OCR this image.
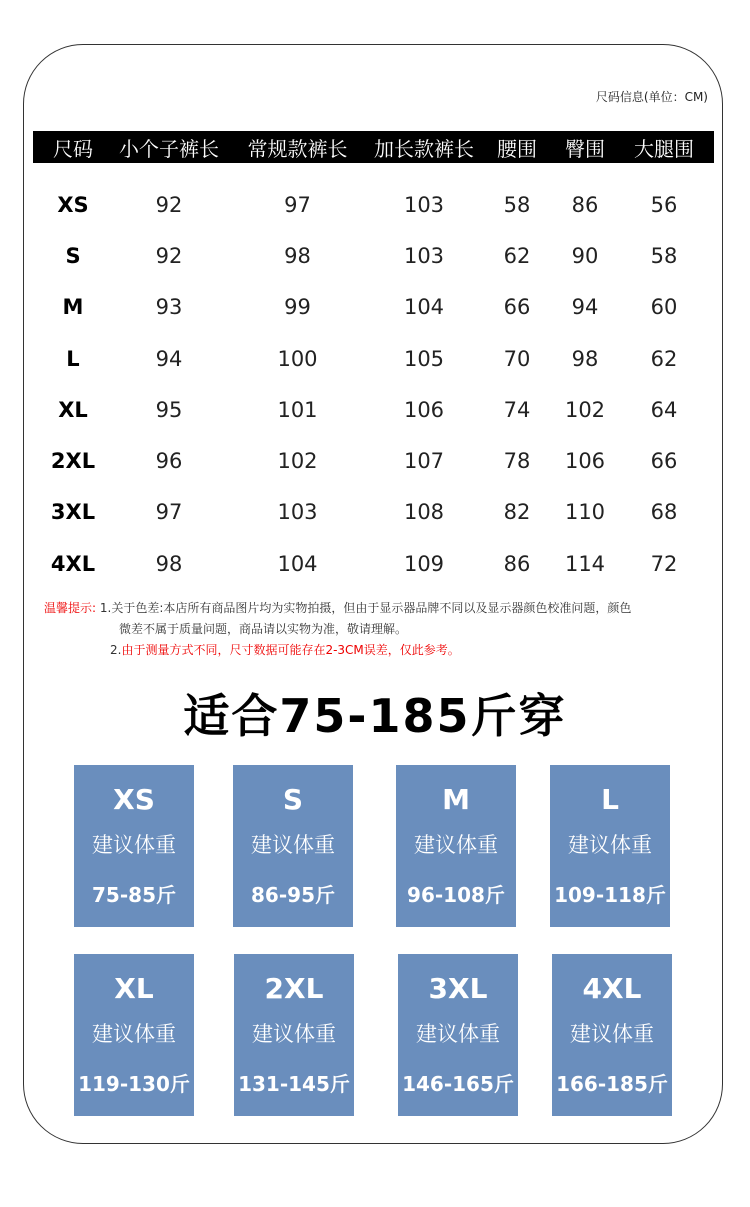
尺码信息(单位：CM)
尺码	小个子裤长	常规款裤长	加长款裤长	腰围	臀围	大腿围
XS	92	97	103	58	86	56
S	92	98	103	62	90	58
M	93	99	104	66	94	60
L	94	100	105	70	98	62
XL	95	101	106	74	102	64
2XL	96	102	107	78	106	66
3XL	97	103	108	82	110	68
4XL	98	104	109	86	114	72
温馨提示: 1.关于色差:本店所有商品图片均为实物拍摄，但由于显示器品牌不同以及显示器颜色校准问题，颜色
微差不属于质量问题，商品请以实物为准，敬请理解。
2.由于测量方式不同，尺寸数据可能存在2-3CM误差，仅此参考。
适合75-185斤穿
XS
建议体重
75-85斤
S
建议体重
86-95斤
M
建议体重
96-108斤
L
建议体重
109-118斤
XL
建议体重
119-130斤
2XL
建议体重
131-145斤
3XL
建议体重
146-165斤
4XL
建议体重
166-185斤
